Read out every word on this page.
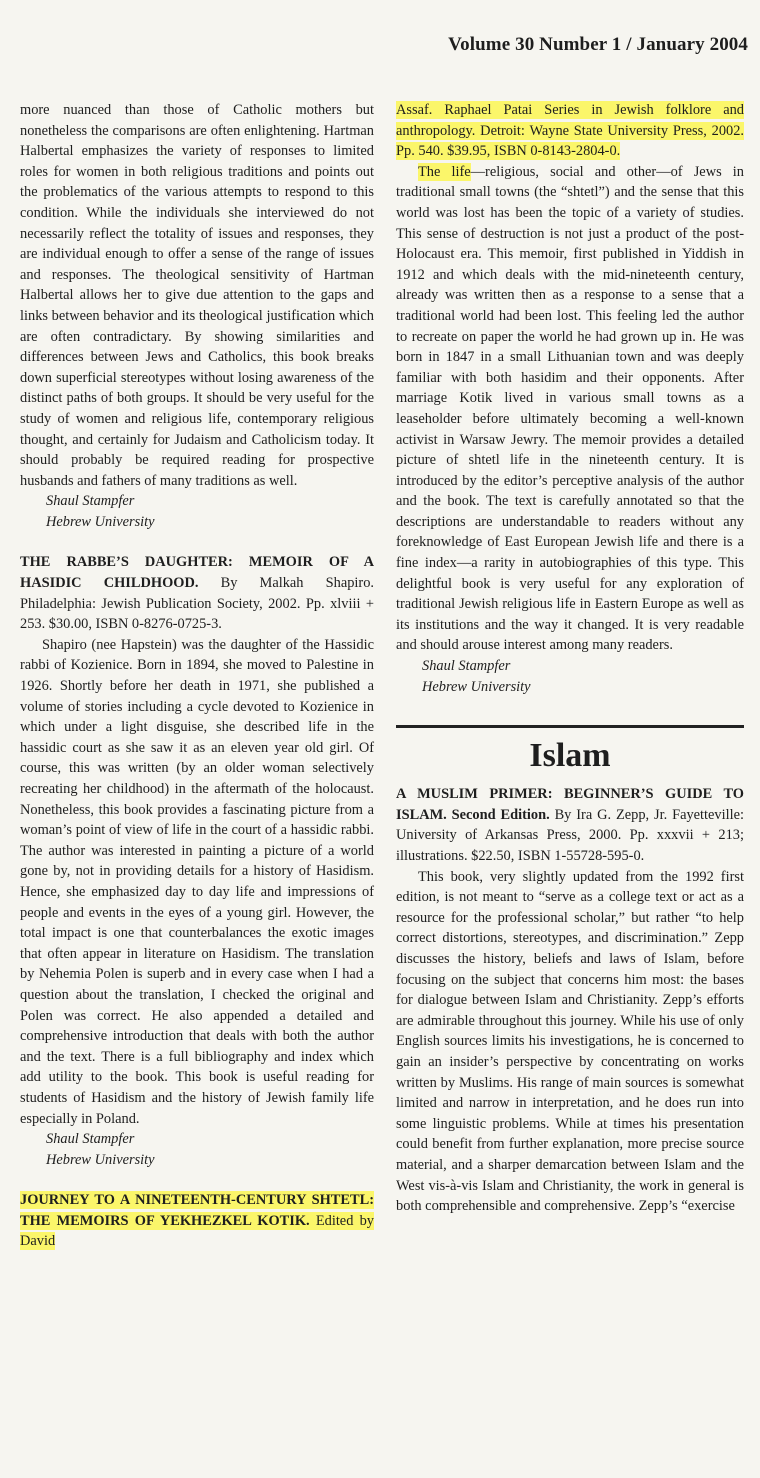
Volume 30 Number 1 / January 2004

more nuanced than those of Catholic mothers but nonetheless the comparisons are often enlightening. Hartman Halbertal emphasizes the variety of responses to limited roles for women in both religious traditions and points out the problematics of the various attempts to respond to this condition. While the individuals she interviewed do not necessarily reflect the totality of issues and responses, they are individual enough to offer a sense of the range of issues and responses. The theological sensitivity of Hartman Halbertal allows her to give due attention to the gaps and links between behavior and its theological justification which are often contradictary. By showing similarities and differences between Jews and Catholics, this book breaks down superficial stereotypes without losing awareness of the distinct paths of both groups. It should be very useful for the study of women and religious life, contemporary religious thought, and certainly for Judaism and Catholicism today. It should probably be required reading for prospective husbands and fathers of many traditions as well.

Shaul Stampfer
Hebrew University

THE RABBE’S DAUGHTER: MEMOIR OF A HASIDIC CHILDHOOD. By Malkah Shapiro. Philadelphia: Jewish Publication Society, 2002. Pp. xlviii + 253. $30.00, ISBN 0-8276-0725-3.

Shapiro (nee Hapstein) was the daughter of the Hassidic rabbi of Kozienice. Born in 1894, she moved to Palestine in 1926. Shortly before her death in 1971, she published a volume of stories including a cycle devoted to Kozienice in which under a light disguise, she described life in the hassidic court as she saw it as an eleven year old girl. Of course, this was written (by an older woman selectively recreating her childhood) in the aftermath of the holocaust. Nonetheless, this book provides a fascinating picture from a woman’s point of view of life in the court of a hassidic rabbi. The author was interested in painting a picture of a world gone by, not in providing details for a history of Hasidism. Hence, she emphasized day to day life and impressions of people and events in the eyes of a young girl. However, the total impact is one that counterbalances the exotic images that often appear in literature on Hasidism. The translation by Nehemia Polen is superb and in every case when I had a question about the translation, I checked the original and Polen was correct. He also appended a detailed and comprehensive introduction that deals with both the author and the text. There is a full bibliography and index which add utility to the book. This book is useful reading for students of Hasidism and the history of Jewish family life especially in Poland.

Shaul Stampfer
Hebrew University

JOURNEY TO A NINETEENTH-CENTURY SHTETL: THE MEMOIRS OF YEKHEZKEL KOTIK. Edited by David

Assaf. Raphael Patai Series in Jewish folklore and anthropology. Detroit: Wayne State University Press, 2002. Pp. 540. $39.95, ISBN 0-8143-2804-0.

The life—religious, social and other—of Jews in traditional small towns (the “shtetl”) and the sense that this world was lost has been the topic of a variety of studies. This sense of destruction is not just a product of the post-Holocaust era. This memoir, first published in Yiddish in 1912 and which deals with the mid-nineteenth century, already was written then as a response to a sense that a traditional world had been lost. This feeling led the author to recreate on paper the world he had grown up in. He was born in 1847 in a small Lithuanian town and was deeply familiar with both hasidim and their opponents. After marriage Kotik lived in various small towns as a leaseholder before ultimately becoming a well-known activist in Warsaw Jewry. The memoir provides a detailed picture of shtetl life in the nineteenth century. It is introduced by the editor’s perceptive analysis of the author and the book. The text is carefully annotated so that the descriptions are understandable to readers without any foreknowledge of East European Jewish life and there is a fine index—a rarity in autobiographies of this type. This delightful book is very useful for any exploration of traditional Jewish religious life in Eastern Europe as well as its institutions and the way it changed. It is very readable and should arouse interest among many readers.

Shaul Stampfer
Hebrew University
Islam

A MUSLIM PRIMER: BEGINNER’S GUIDE TO ISLAM. Second Edition. By Ira G. Zepp, Jr. Fayetteville: University of Arkansas Press, 2000. Pp. xxxvii + 213; illustrations. $22.50, ISBN 1-55728-595-0.

This book, very slightly updated from the 1992 first edition, is not meant to “serve as a college text or act as a resource for the professional scholar,” but rather “to help correct distortions, stereotypes, and discrimination.” Zepp discusses the history, beliefs and laws of Islam, before focusing on the subject that concerns him most: the bases for dialogue between Islam and Christianity. Zepp’s efforts are admirable throughout this journey. While his use of only English sources limits his investigations, he is concerned to gain an insider’s perspective by concentrating on works written by Muslims. His range of main sources is somewhat limited and narrow in interpretation, and he does run into some linguistic problems. While at times his presentation could benefit from further explanation, more precise source material, and a sharper demarcation between Islam and the West vis-à-vis Islam and Christianity, the work in general is both comprehensible and comprehensive. Zepp’s “exercise
